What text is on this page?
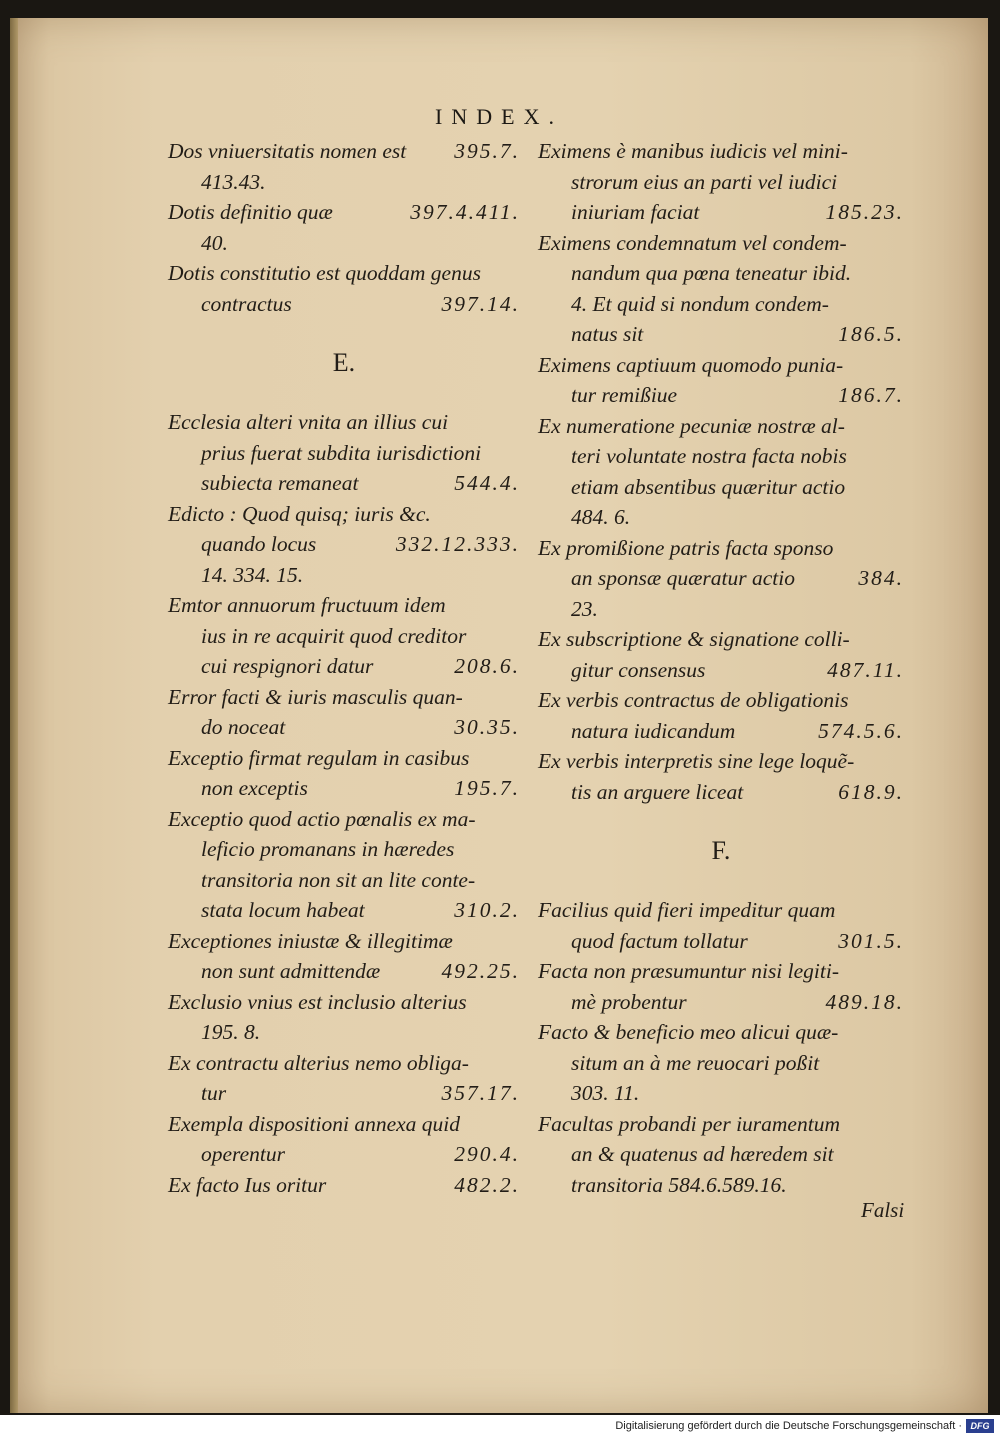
INDEX.
Dos vniuersitatis nomen est 395.7.
413.43.
Dotis definitio quæ	397.4.411.
40.
Dotis constitutio est quoddam genus
contractus	397.14.
E.
Ecclesia alteri vnita an illius cui
prius fuerat subdita iurisdictioni
subiecta remaneat	544.4.
Edicto : Quod quisq; iuris &c.
quando locus	332.12.333.
14. 334. 15.
Emtor annuorum fructuum idem
ius in re acquirit quod creditor
cui respignori datur	208.6.
Error facti & iuris masculis quan-
do noceat	30.35.
Exceptio firmat regulam in casibus
non exceptis	195.7.
Exceptio quod actio pœnalis ex ma-
leficio promanans in hæredes
transitoria non sit an lite conte-
stata locum habeat	310.2.
Exceptiones iniustæ & illegitimæ
non sunt admittendæ	492.25.
Exclusio vnius est inclusio alterius
195. 8.
Ex contractu alterius nemo obliga-
tur	357.17.
Exempla dispositioni annexa quid
operentur	290.4.
Ex facto Ius oritur	482.2.
Eximens è manibus iudicis vel mini-
strorum eius an parti vel iudici
iniuriam faciat	185.23.
Eximens condemnatum vel condem-
nandum qua pœna teneatur ibid.
4. Et quid si nondum condem-
natus sit	186.5.
Eximens captiuum quomodo punia-
tur remißiue	186.7.
Ex numeratione pecuniæ nostræ al-
teri voluntate nostra facta nobis
etiam absentibus quæritur actio
484. 6.
Ex promißione patris facta sponso
an sponsæ quæratur actio	384.
23.
Ex subscriptione & signatione colli-
gitur consensus	487.11.
Ex verbis contractus de obligationis
natura iudicandum	574.5.6.
Ex verbis interpretis sine lege loquẽ-
tis an arguere liceat	618.9.
F.
Facilius quid fieri impeditur quam
quod factum tollatur	301.5.
Facta non præsumuntur nisi legiti-
mè probentur	489.18.
Facto & beneficio meo alicui quæ-
situm an à me reuocari poßit
303. 11.
Facultas probandi per iuramentum
an & quatenus ad hæredem sit
transitoria 584.6.589.16.
Falsi
Digitalisierung gefördert durch die Deutsche Forschungsgemeinschaft · DFG
